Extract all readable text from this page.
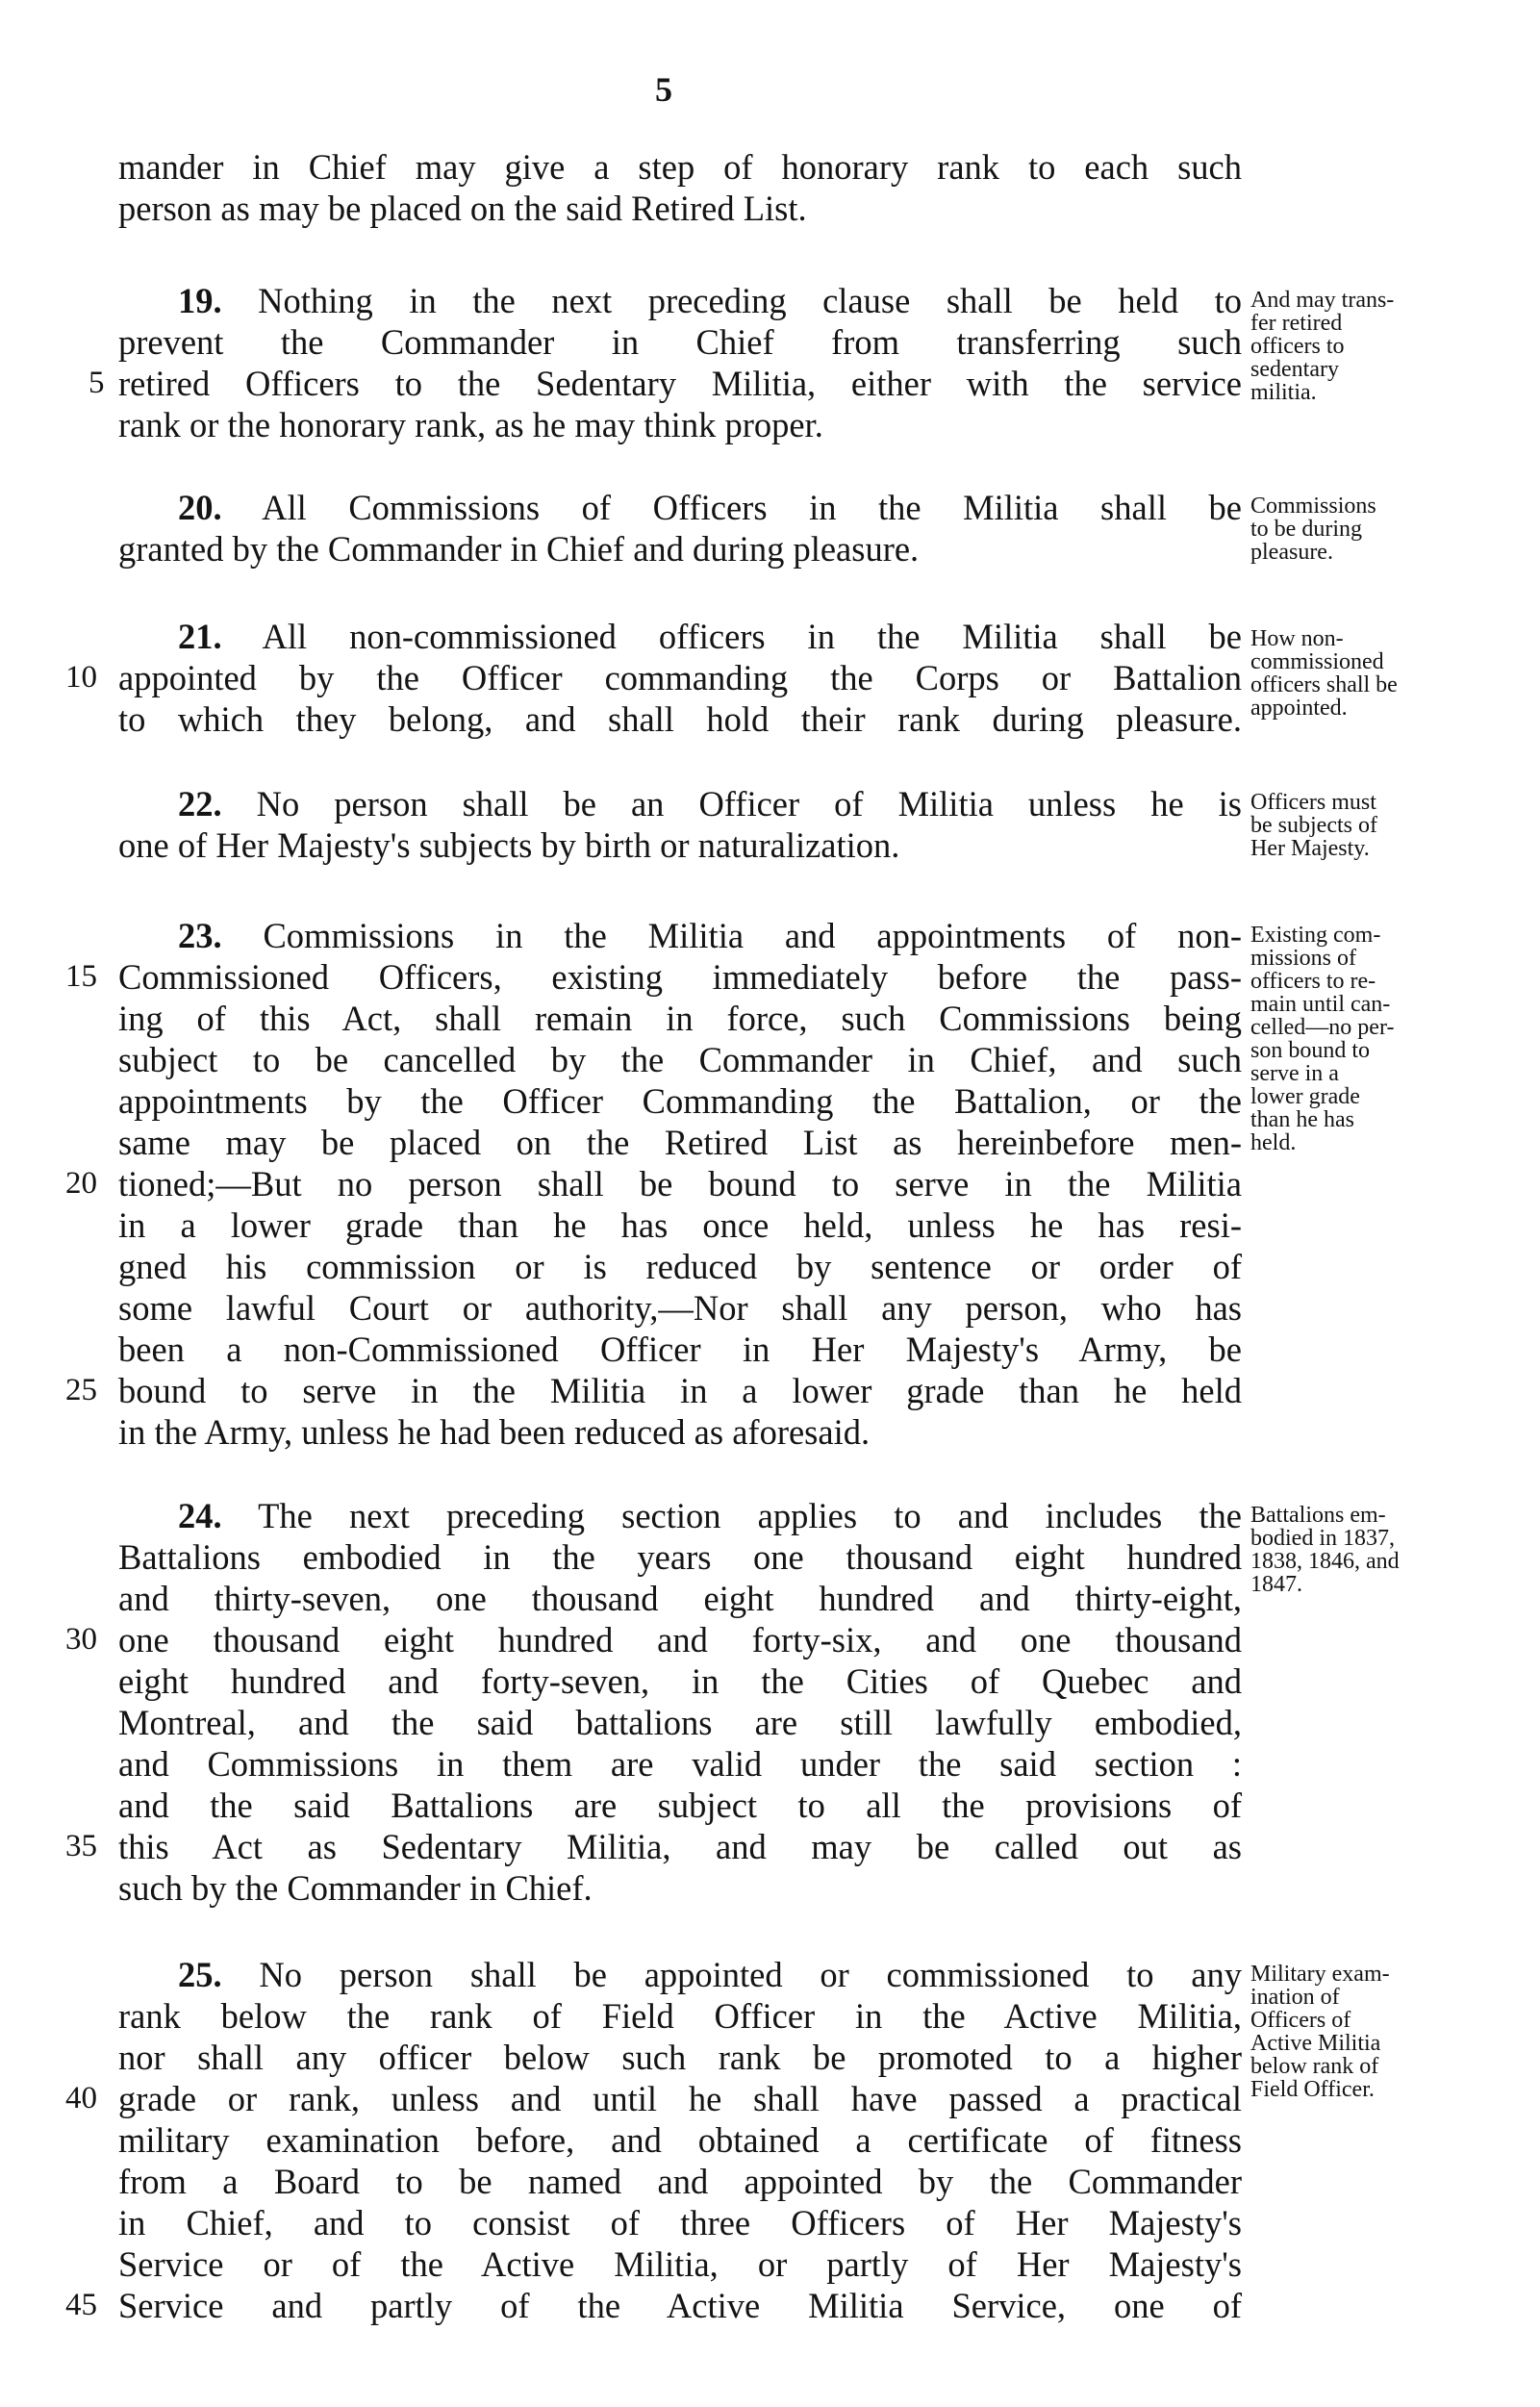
5
mander in Chief may give a step of honorary rank to each such
person as may be placed on the said Retired List.
19. Nothing in the next preceding clause shall be held to
prevent the Commander in Chief from transferring such
retired Officers to the Sedentary Militia, either with the service
rank or the honorary rank, as he may think proper.
20. All Commissions of Officers in the Militia shall be
granted by the Commander in Chief and during pleasure.
21. All non-commissioned officers in the Militia shall be
appointed by the Officer commanding the Corps or Battalion
to which they belong, and shall hold their rank during pleasure.
22. No person shall be an Officer of Militia unless he is
one of Her Majesty's subjects by birth or naturalization.
23. Commissions in the Militia and appointments of non-
Commissioned Officers, existing immediately before the pass-
ing of this Act, shall remain in force, such Commissions being
subject to be cancelled by the Commander in Chief, and such
appointments by the Officer Commanding the Battalion, or the
same may be placed on the Retired List as hereinbefore men-
tioned;—But no person shall be bound to serve in the Militia
in a lower grade than he has once held, unless he has resi-
gned his commission or is reduced by sentence or order of
some lawful Court or authority,—Nor shall any person, who has
been a non-Commissioned Officer in Her Majesty's Army, be
bound to serve in the Militia in a lower grade than he held
in the Army, unless he had been reduced as aforesaid.
24. The next preceding section applies to and includes the
Battalions embodied in the years one thousand eight hundred
and thirty-seven, one thousand eight hundred and thirty-eight,
one thousand eight hundred and forty-six, and one thousand
eight hundred and forty-seven, in the Cities of Quebec and
Montreal, and the said battalions are still lawfully embodied,
and Commissions in them are valid under the said section :
and the said Battalions are subject to all the provisions of
this Act as Sedentary Militia, and may be called out as
such by the Commander in Chief.
25. No person shall be appointed or commissioned to any
rank below the rank of Field Officer in the Active Militia,
nor shall any officer below such rank be promoted to a higher
grade or rank, unless and until he shall have passed a practical
military examination before, and obtained a certificate of fitness
from a Board to be named and appointed by the Commander
in Chief, and to consist of three Officers of Her Majesty's
Service or of the Active Militia, or partly of Her Majesty's
Service and partly of the Active Militia Service, one of
5
10
15
20
25
30
35
40
45
And may trans-
fer retired
officers to
sedentary
militia.
Commissions
to be during
pleasure.
How non-
commissioned
officers shall be
appointed.
Officers must
be subjects of
Her Majesty.
Existing com-
missions of
officers to re-
main until can-
celled—no per-
son bound to
serve in a
lower grade
than he has
held.
Battalions em-
bodied in 1837,
1838, 1846, and
1847.
Military exam-
ination of
Officers of
Active Militia
below rank of
Field Officer.
